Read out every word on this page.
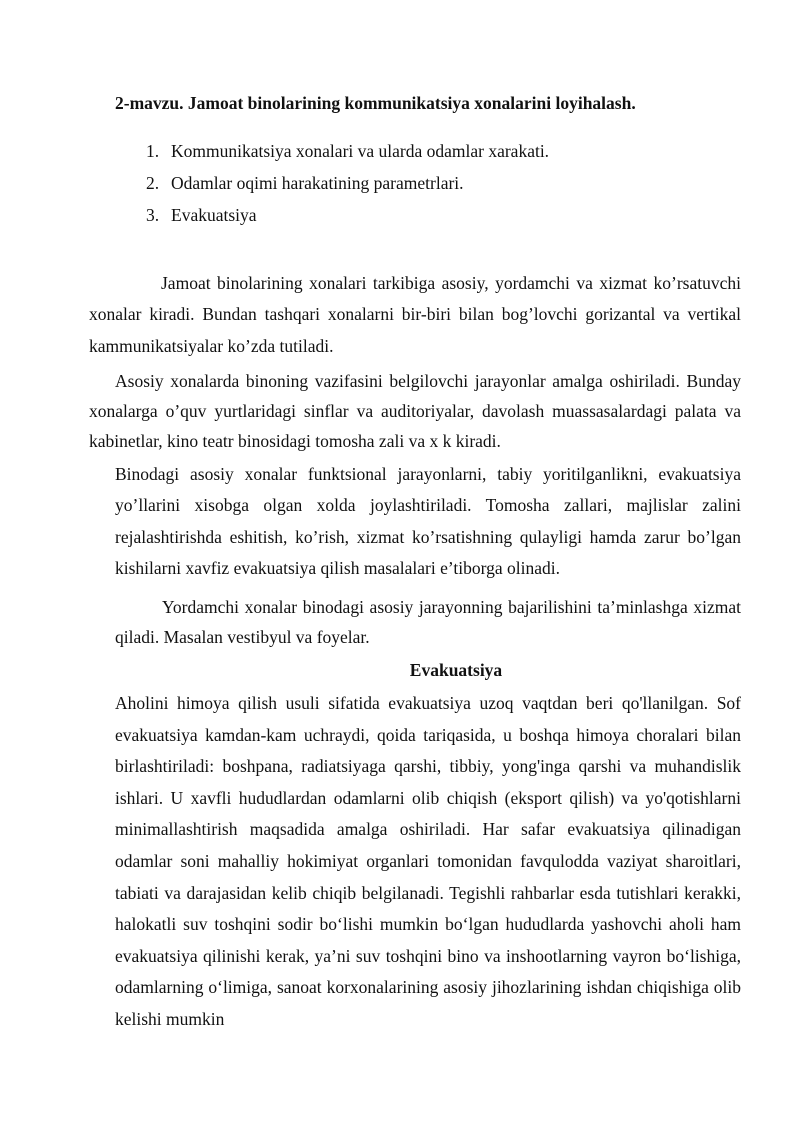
2-mavzu. Jamoat binolarining kommunikatsiya xonalarini loyihalash.
1. Kommunikatsiya xonalari va ularda odamlar xarakati.
2. Odamlar oqimi harakatining parametrlari.
3. Evakuatsiya

Jamoat binolarining xonalari tarkibiga asosiy, yordamchi va xizmat ko’rsatuvchi xonalar kiradi. Bundan tashqari xonalarni bir-biri bilan bog’lovchi gorizantal va vertikal kammunikatsiyalar ko’zda tutiladi.

Asosiy xonalarda binoning vazifasini belgilovchi jarayonlar amalga oshiriladi. Bunday xonalarga o’quv yurtlaridagi sinflar va auditoriyalar, davolash muassasalardagi palata va kabinetlar, kino teatr binosidagi tomosha zali va x k kiradi.

Binodagi asosiy xonalar funktsional jarayonlarni, tabiy yoritilganlikni, evakuatsiya yo’llarini xisobga olgan xolda joylashtiriladi. Tomosha zallari, majlislar zalini rejalashtirishda eshitish, ko’rish, xizmat ko’rsatishning qulayligi hamda zarur bo’lgan kishilarni xavfiz evakuatsiya qilish masalalari e’tiborga olinadi.

Yordamchi xonalar binodagi asosiy jarayonning bajarilishini ta’minlashga xizmat qiladi. Masalan vestibyul va foyelar.

Evakuatsiya

Aholini himoya qilish usuli sifatida evakuatsiya uzoq vaqtdan beri qo'llanilgan. Sof evakuatsiya kamdan-kam uchraydi, qoida tariqasida, u boshqa himoya choralari bilan birlashtiriladi: boshpana, radiatsiyaga qarshi, tibbiy, yong'inga qarshi va muhandislik ishlari. U xavfli hududlardan odamlarni olib chiqish (eksport qilish) va yo'qotishlarni minimallashtirish maqsadida amalga oshiriladi. Har safar evakuatsiya qilinadigan odamlar soni mahalliy hokimiyat organlari tomonidan favqulodda vaziyat sharoitlari, tabiati va darajasidan kelib chiqib belgilanadi. Tegishli rahbarlar esda tutishlari kerakki, halokatli suv toshqini sodir bo‘lishi mumkin bo‘lgan hududlarda yashovchi aholi ham evakuatsiya qilinishi kerak, ya’ni suv toshqini bino va inshootlarning vayron bo‘lishiga, odamlarning o‘limiga, sanoat korxonalarining asosiy jihozlarining ishdan chiqishiga olib kelishi mumkin
